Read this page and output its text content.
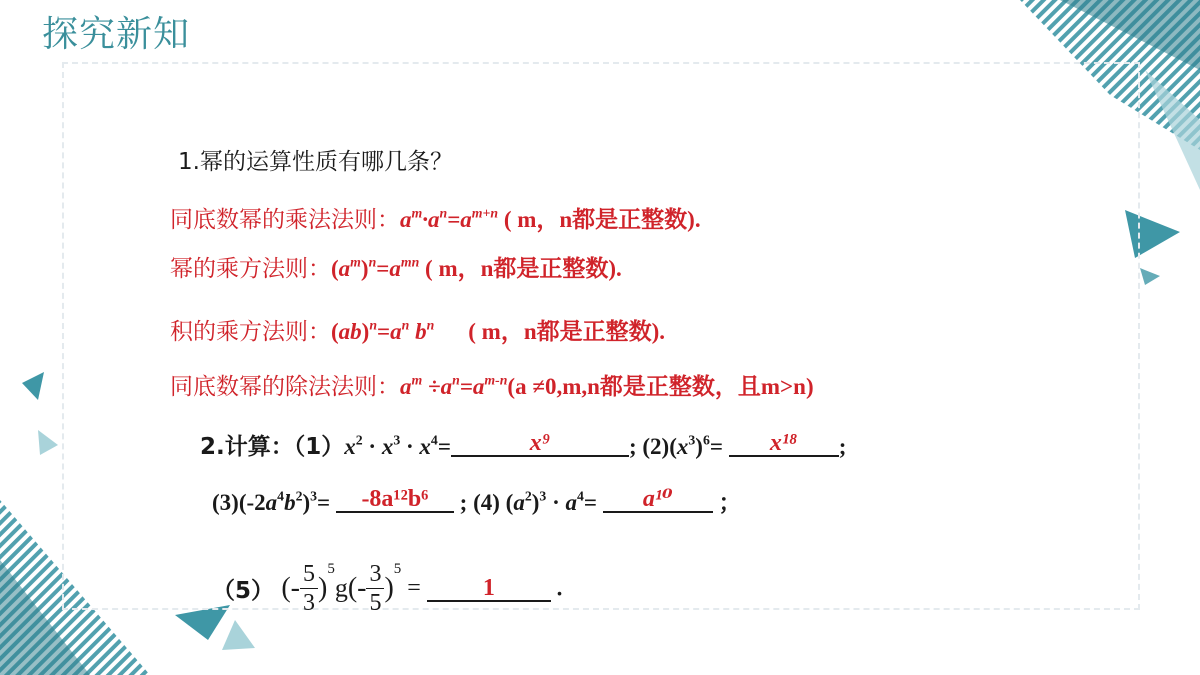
探究新知
1.幂的运算性质有哪几条？
同底数幂的乘法法则：$a^m\cdot a^n=a^{m+n}$ ( m，n都是正整数).
幂的乘方法则：$(a^m)^n=a^{mn}$ ( m，n都是正整数).
积的乘方法则：$(ab)^n=a^n$ $b^n$ ( m，n都是正整数).
同底数幂的除法法则：$a^m \div a^n=a^{m-n}(a \ne 0,m,n$都是正整数，且m>n)
2.计算：$(1)x^2 \cdot x^3 \cdot x^4=$	x⁹	; $(2)(x^3)^6=$	x¹⁸	;
$(3)(-2a^4b^2)^3=$	-8a¹²b⁶	; (4) $(a^2)^3 \cdot a^4=$	a¹⁰	；
（5） (- $\frac{5}{3} )^5g(- \frac{3}{5} )^5$ =	1	.
